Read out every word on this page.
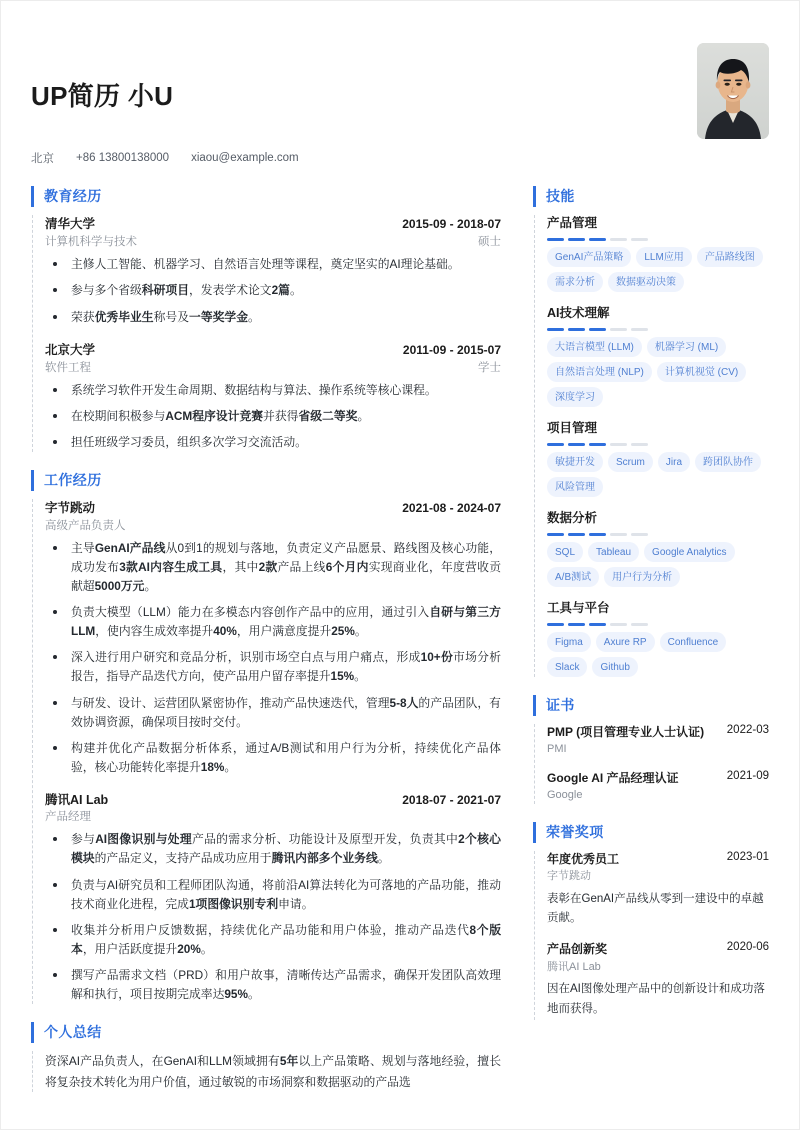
UP简历 小U
北京 +86 13800138000 xiaou@example.com
教育经历
清华大学	2015-09 - 2018-07
计算机科学与技术	硕士
主修人工智能、机器学习、自然语言处理等课程，奠定坚实的AI理论基础。
参与多个省级科研项目，发表学术论文2篇。
荣获优秀毕业生称号及一等奖学金。
北京大学	2011-09 - 2015-07
软件工程	学士
系统学习软件开发生命周期、数据结构与算法、操作系统等核心课程。
在校期间积极参与ACM程序设计竞赛并获得省级二等奖。
担任班级学习委员，组织多次学习交流活动。
工作经历
字节跳动	2021-08 - 2024-07
高级产品负责人
主导GenAI产品线从0到1的规划与落地，负责定义产品愿景、路线图及核心功能，成功发布3款AI内容生成工具，其中2款产品上线6个月内实现商业化，年度营收贡献超5000万元。
负责大模型（LLM）能力在多模态内容创作产品中的应用，通过引入自研与第三方LLM，使内容生成效率提升40%，用户满意度提升25%。
深入进行用户研究和竞品分析，识别市场空白点与用户痛点，形成10+份市场分析报告，指导产品迭代方向，使产品用户留存率提升15%。
与研发、设计、运营团队紧密协作，推动产品快速迭代，管理5-8人的产品团队，有效协调资源，确保项目按时交付。
构建并优化产品数据分析体系，通过A/B测试和用户行为分析，持续优化产品体验，核心功能转化率提升18%。
腾讯AI Lab	2018-07 - 2021-07
产品经理
参与AI图像识别与处理产品的需求分析、功能设计及原型开发，负责其中2个核心模块的产品定义，支持产品成功应用于腾讯内部多个业务线。
负责与AI研究员和工程师团队沟通，将前沿AI算法转化为可落地的产品功能，推动技术商业化进程，完成1项图像识别专利申请。
收集并分析用户反馈数据，持续优化产品功能和用户体验，推动产品迭代8个版本，用户活跃度提升20%。
撰写产品需求文档（PRD）和用户故事，清晰传达产品需求，确保开发团队高效理解和执行，项目按期完成率达95%。
个人总结
资深AI产品负责人，在GenAI和LLM领域拥有5年以上产品策略、规划与落地经验，擅长将复杂技术转化为用户价值，通过敏锐的市场洞察和数据驱动的产品选
技能
产品管理
GenAI产品策略	LLM应用	产品路线图
需求分析	数据驱动决策
AI技术理解
大语言模型 (LLM)	机器学习 (ML)
自然语言处理 (NLP)	计算机视觉 (CV)
深度学习
项目管理
敏捷开发	Scrum	Jira	跨团队协作
风险管理
数据分析
SQL	Tableau	Google Analytics
A/B测试	用户行为分析
工具与平台
Figma	Axure RP	Confluence
Slack	Github
证书
PMP (项目管理专业人士认证) 2022-03
PMI
Google AI 产品经理认证	2021-09
Google
荣誉奖项
年度优秀员工	2023-01
字节跳动
表彰在GenAI产品线从零到一建设中的卓越贡献。
产品创新奖	2020-06
腾讯AI Lab
因在AI图像处理产品中的创新设计和成功落地而获得。
